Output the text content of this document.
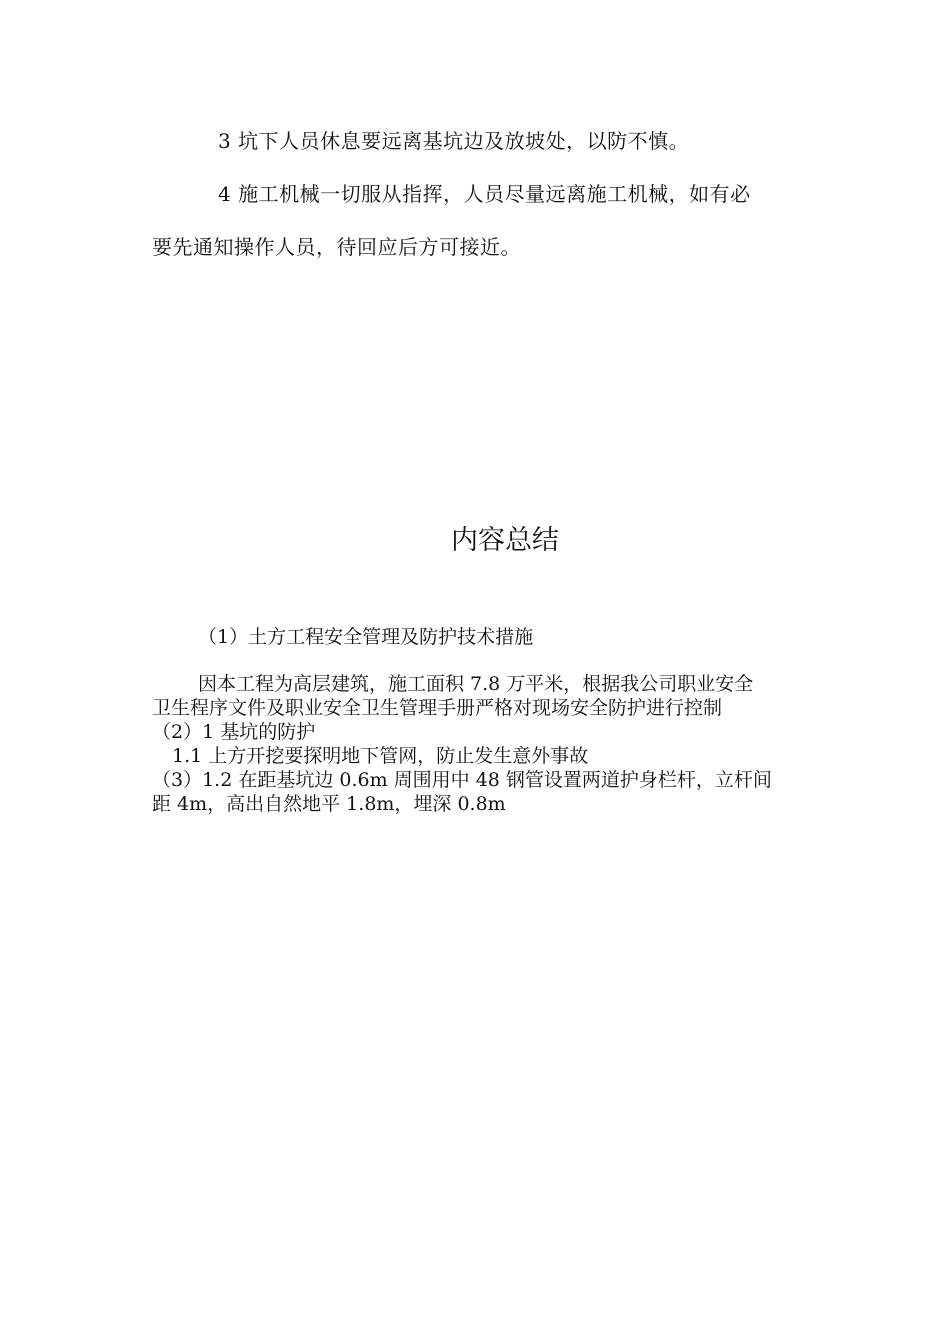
3 坑下人员休息要远离基坑边及放坡处，以防不慎。

4 施工机械一切服从指挥，人员尽量远离施工机械，如有必

要先通知操作人员，待回应后方可接近。

内容总结

（1）土方工程安全管理及防护技术措施

因本工程为高层建筑，施工面积 7.8 万平米，根据我公司职业安全

卫生程序文件及职业安全卫生管理手册严格对现场安全防护进行控制

（2）1 基坑的防护

1.1 上方开挖要探明地下管网，防止发生意外事故

（3）1.2 在距基坑边 0.6m 周围用中 48 钢管设置两道护身栏杆，立杆间

距 4m，高出自然地平 1.8m，埋深 0.8m
